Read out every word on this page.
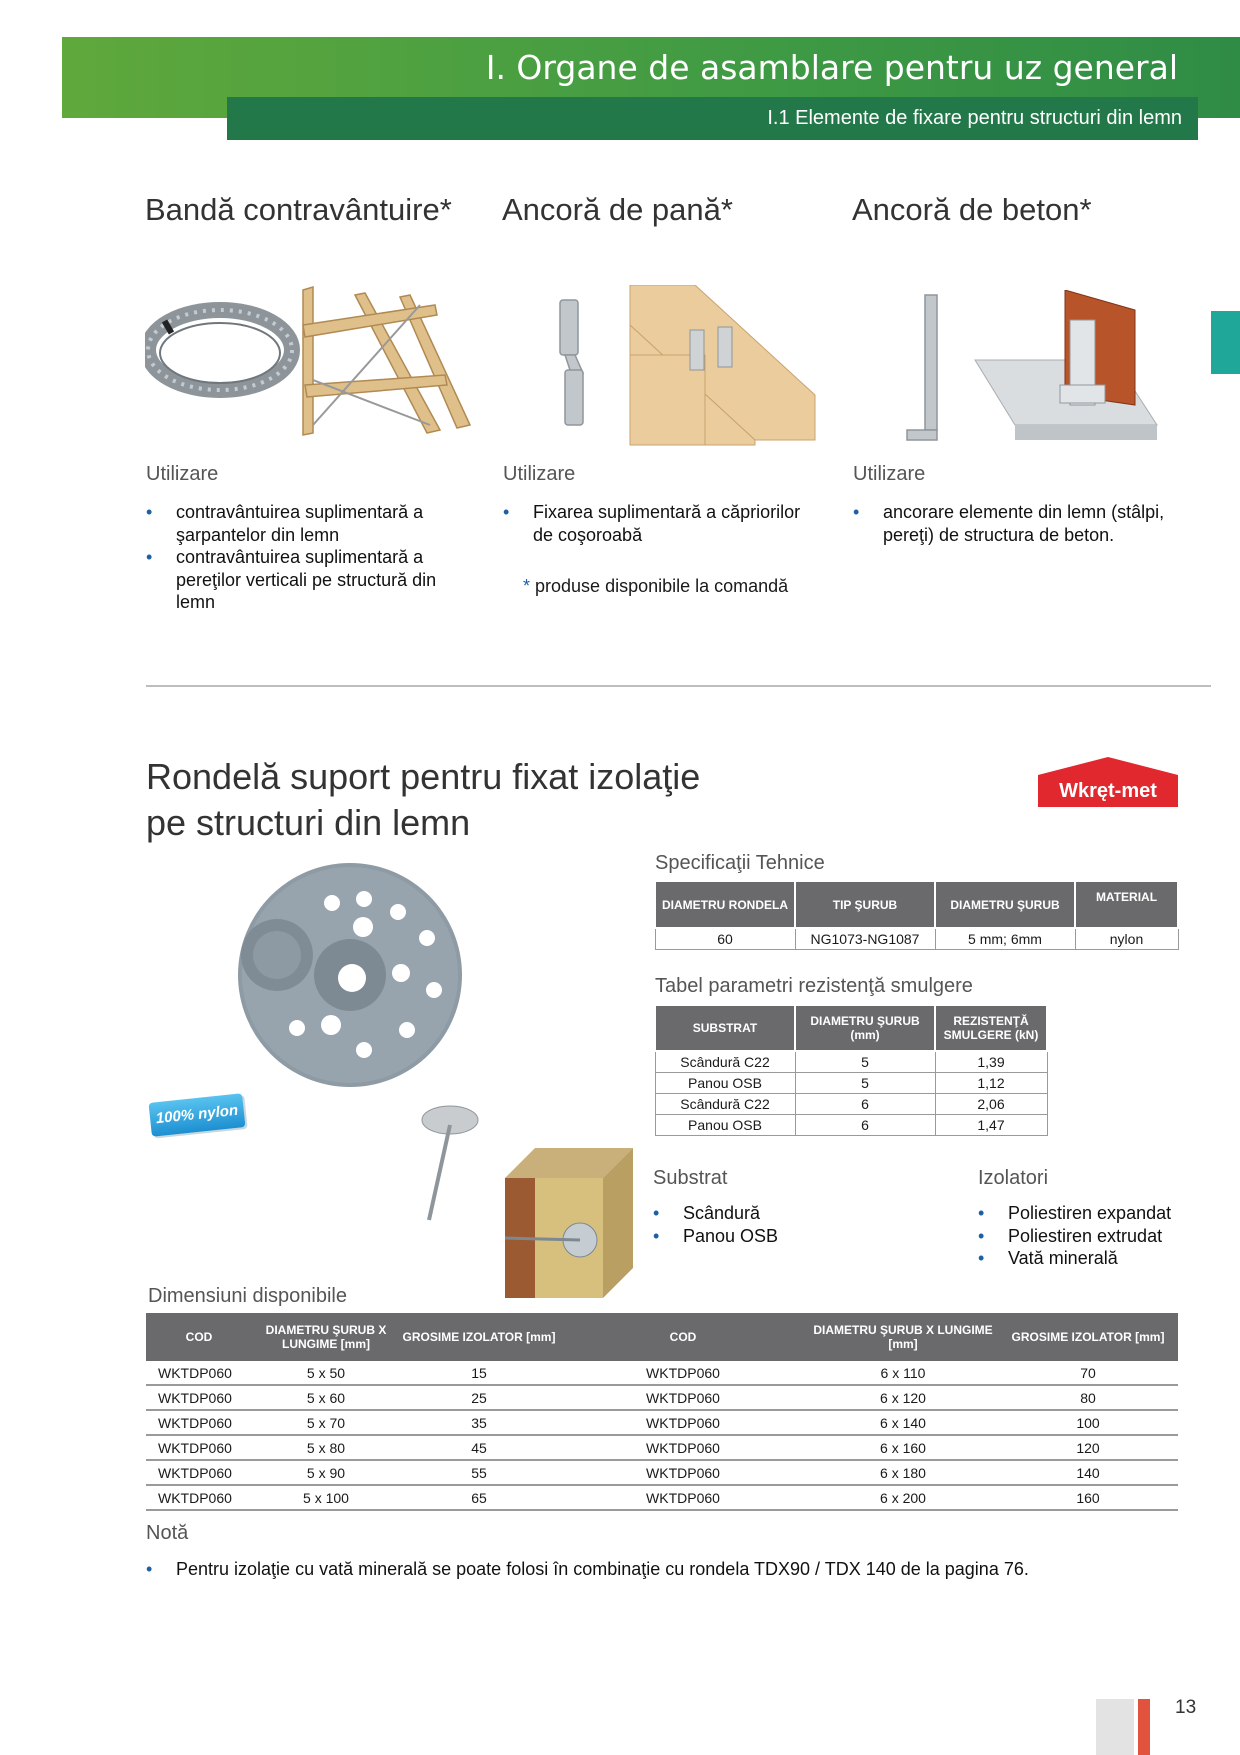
I. Organe de asamblare pentru uz general
I.1 Elemente de fixare pentru structuri din lemn
Bandă contravântuire* Ancoră de pană*	Ancoră de beton*
Utilizare
• contravântuirea suplimentară a şarpantelor din lemn
• contravântuirea suplimentară a pereţilor verticali pe structură din lemn
Utilizare
• Fixarea suplimentară a căpriorilor de coşoroabă
* produse disponibile la comandă
Utilizare
• ancorare elemente din lemn (stâlpi, pereţi) de structura de beton.
Rondelă suport pentru fixat izolaţie
pe structuri din lemn
Wkręt-met
100% nylon
Specificaţii Tehnice
DIAMETRU RONDELA	TIP ŞURUB	DIAMETRU ŞURUB	MATERIAL
60	NG1073-NG1087	5 mm; 6mm	nylon
Tabel parametri rezistenţă smulgere
SUBSTRAT	DIAMETRU ŞURUB (mm)	REZISTENŢĂ SMULGERE (kN)
Scândură C22	5	1,39
Panou OSB	5	1,12
Scândură C22	6	2,06
Panou OSB	6	1,47
Substrat
• Scândură
• Panou OSB
Izolatori
• Poliestiren expandat
• Poliestiren extrudat
• Vată minerală
Dimensiuni disponibile
COD	DIAMETRU ŞURUB X LUNGIME [mm]	GROSIME IZOLATOR [mm]	COD	DIAMETRU ŞURUB X LUNGIME [mm]	GROSIME IZOLATOR [mm]
WKTDP060	5 x 50	15	WKTDP060	6 x 110	70
WKTDP060	5 x 60	25	WKTDP060	6 x 120	80
WKTDP060	5 x 70	35	WKTDP060	6 x 140	100
WKTDP060	5 x 80	45	WKTDP060	6 x 160	120
WKTDP060	5 x 90	55	WKTDP060	6 x 180	140
WKTDP060	5 x 100	65	WKTDP060	6 x 200	160
Notă
• Pentru izolaţie cu vată minerală se poate folosi în combinaţie cu rondela TDX90 / TDX 140 de la pagina 76.
13
